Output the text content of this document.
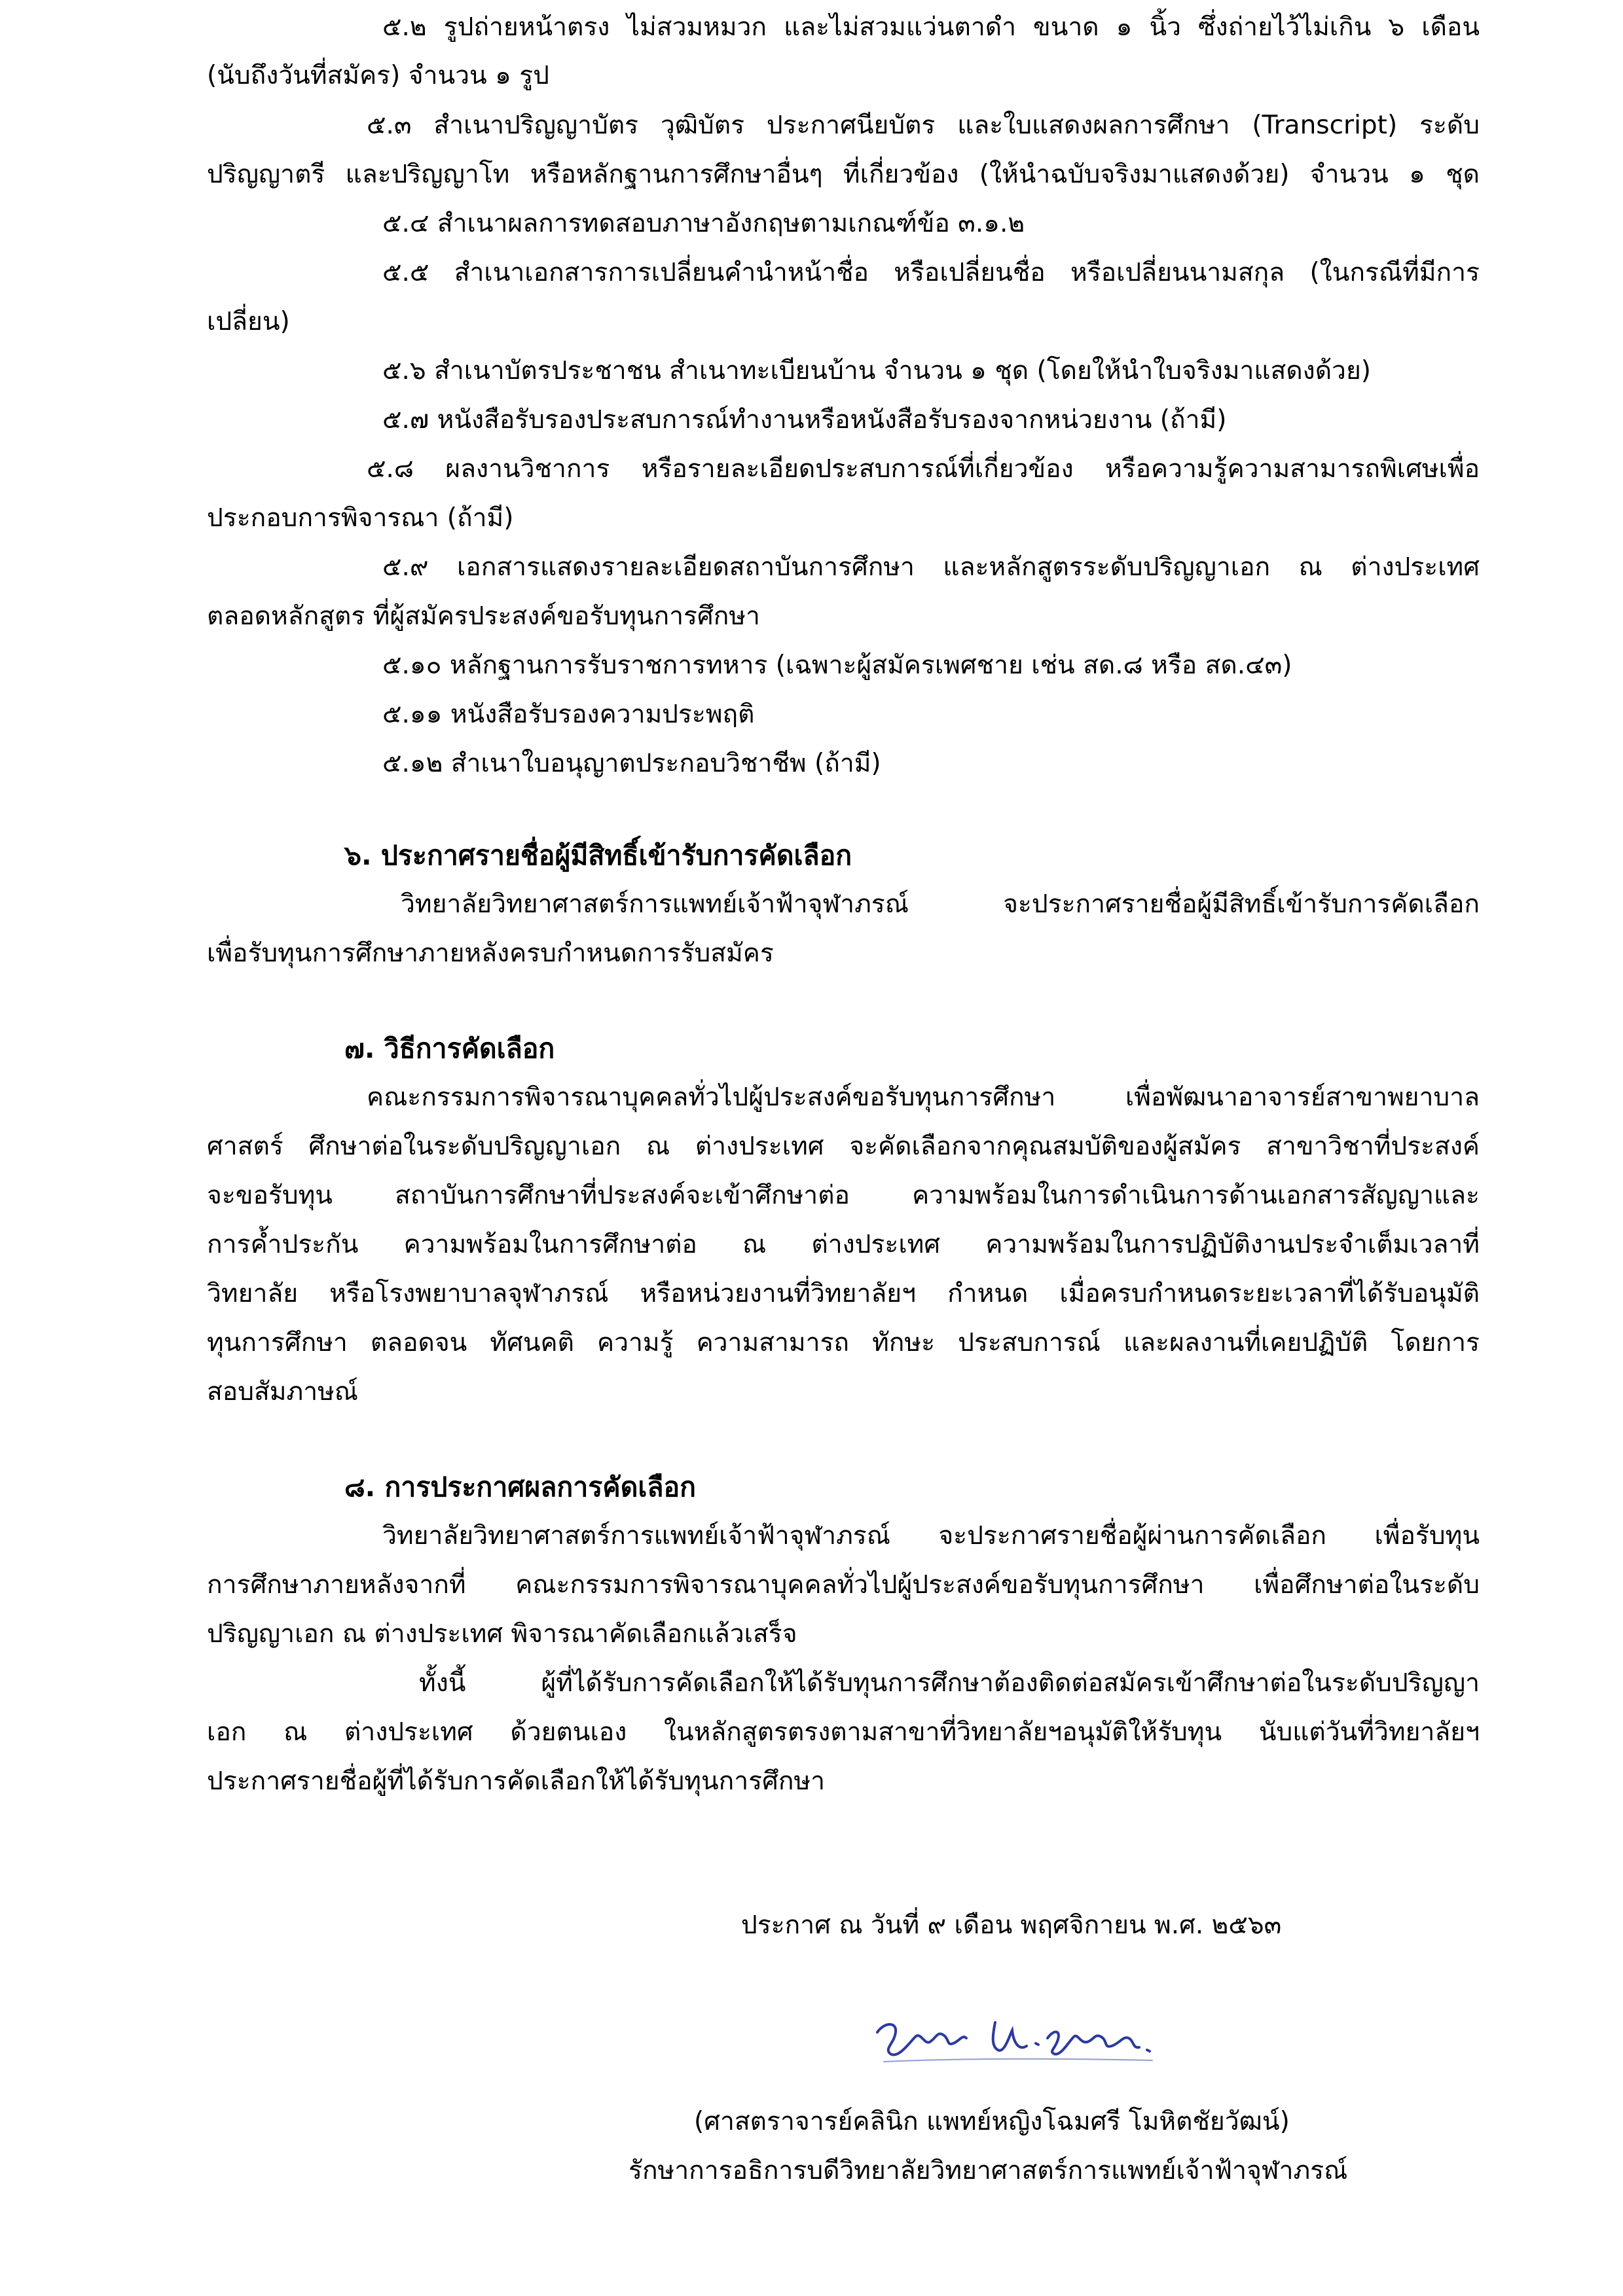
๕.๒ รูปถ่ายหน้าตรง ไม่สวมหมวก และไม่สวมแว่นตาดำ ขนาด ๑ นิ้ว ซึ่งถ่ายไว้ไม่เกิน ๖ เดือน

(นับถึงวันที่สมัคร) จำนวน ๑ รูป

๕.๓ สำเนาปริญญาบัตร วุฒิบัตร ประกาศนียบัตร และใบแสดงผลการศึกษา (Transcript) ระดับ

ปริญญาตรี และปริญญาโท หรือหลักฐานการศึกษาอื่นๆ ที่เกี่ยวข้อง (ให้นำฉบับจริงมาแสดงด้วย) จำนวน ๑ ชุด

๕.๔ สำเนาผลการทดสอบภาษาอังกฤษตามเกณฑ์ข้อ ๓.๑.๒

๕.๕ สำเนาเอกสารการเปลี่ยนคำนำหน้าชื่อ หรือเปลี่ยนชื่อ หรือเปลี่ยนนามสกุล (ในกรณีที่มีการ

เปลี่ยน)

๕.๖ สำเนาบัตรประชาชน สำเนาทะเบียนบ้าน จำนวน ๑ ชุด (โดยให้นำใบจริงมาแสดงด้วย)

๕.๗ หนังสือรับรองประสบการณ์ทำงานหรือหนังสือรับรองจากหน่วยงาน (ถ้ามี)

๕.๘ ผลงานวิชาการ หรือรายละเอียดประสบการณ์ที่เกี่ยวข้อง หรือความรู้ความสามารถพิเศษเพื่อ

ประกอบการพิจารณา (ถ้ามี)

๕.๙ เอกสารแสดงรายละเอียดสถาบันการศึกษา และหลักสูตรระดับปริญญาเอก ณ ต่างประเทศ

ตลอดหลักสูตร ที่ผู้สมัครประสงค์ขอรับทุนการศึกษา

๕.๑๐ หลักฐานการรับราชการทหาร (เฉพาะผู้สมัครเพศชาย เช่น สด.๘ หรือ สด.๔๓)

๕.๑๑ หนังสือรับรองความประพฤติ

๕.๑๒ สำเนาใบอนุญาตประกอบวิชาชีพ (ถ้ามี)

๖. ประกาศรายชื่อผู้มีสิทธิ์เข้ารับการคัดเลือก

วิทยาลัยวิทยาศาสตร์การแพทย์เจ้าฟ้าจุฬาภรณ์ จะประกาศรายชื่อผู้มีสิทธิ์เข้ารับการคัดเลือก

เพื่อรับทุนการศึกษาภายหลังครบกำหนดการรับสมัคร

๗. วิธีการคัดเลือก

คณะกรรมการพิจารณาบุคคลทั่วไปผู้ประสงค์ขอรับทุนการศึกษา เพื่อพัฒนาอาจารย์สาขาพยาบาล

ศาสตร์ ศึกษาต่อในระดับปริญญาเอก ณ ต่างประเทศ จะคัดเลือกจากคุณสมบัติของผู้สมัคร สาขาวิชาที่ประสงค์

จะขอรับทุน สถาบันการศึกษาที่ประสงค์จะเข้าศึกษาต่อ ความพร้อมในการดำเนินการด้านเอกสารสัญญาและ

การค้ำประกัน ความพร้อมในการศึกษาต่อ ณ ต่างประเทศ ความพร้อมในการปฏิบัติงานประจำเต็มเวลาที่

วิทยาลัย หรือโรงพยาบาลจุฬาภรณ์ หรือหน่วยงานที่วิทยาลัยฯ กำหนด เมื่อครบกำหนดระยะเวลาที่ได้รับอนุมัติ

ทุนการศึกษา ตลอดจน ทัศนคติ ความรู้ ความสามารถ ทักษะ ประสบการณ์ และผลงานที่เคยปฏิบัติ โดยการ

สอบสัมภาษณ์

๘. การประกาศผลการคัดเลือก

วิทยาลัยวิทยาศาสตร์การแพทย์เจ้าฟ้าจุฬาภรณ์ จะประกาศรายชื่อผู้ผ่านการคัดเลือก เพื่อรับทุน

การศึกษาภายหลังจากที่ คณะกรรมการพิจารณาบุคคลทั่วไปผู้ประสงค์ขอรับทุนการศึกษา เพื่อศึกษาต่อในระดับ

ปริญญาเอก ณ ต่างประเทศ พิจารณาคัดเลือกแล้วเสร็จ

ทั้งนี้ ผู้ที่ได้รับการคัดเลือกให้ได้รับทุนการศึกษาต้องติดต่อสมัครเข้าศึกษาต่อในระดับปริญญา

เอก ณ ต่างประเทศ ด้วยตนเอง ในหลักสูตรตรงตามสาขาที่วิทยาลัยฯอนุมัติให้รับทุน นับแต่วันที่วิทยาลัยฯ

ประกาศรายชื่อผู้ที่ได้รับการคัดเลือกให้ได้รับทุนการศึกษา

ประกาศ ณ วันที่ ๙ เดือน พฤศจิกายน พ.ศ. ๒๕๖๓

(ศาสตราจารย์คลินิก แพทย์หญิงโฉมศรี โมหิตชัยวัฒน์)

รักษาการอธิการบดีวิทยาลัยวิทยาศาสตร์การแพทย์เจ้าฟ้าจุฬาภรณ์
